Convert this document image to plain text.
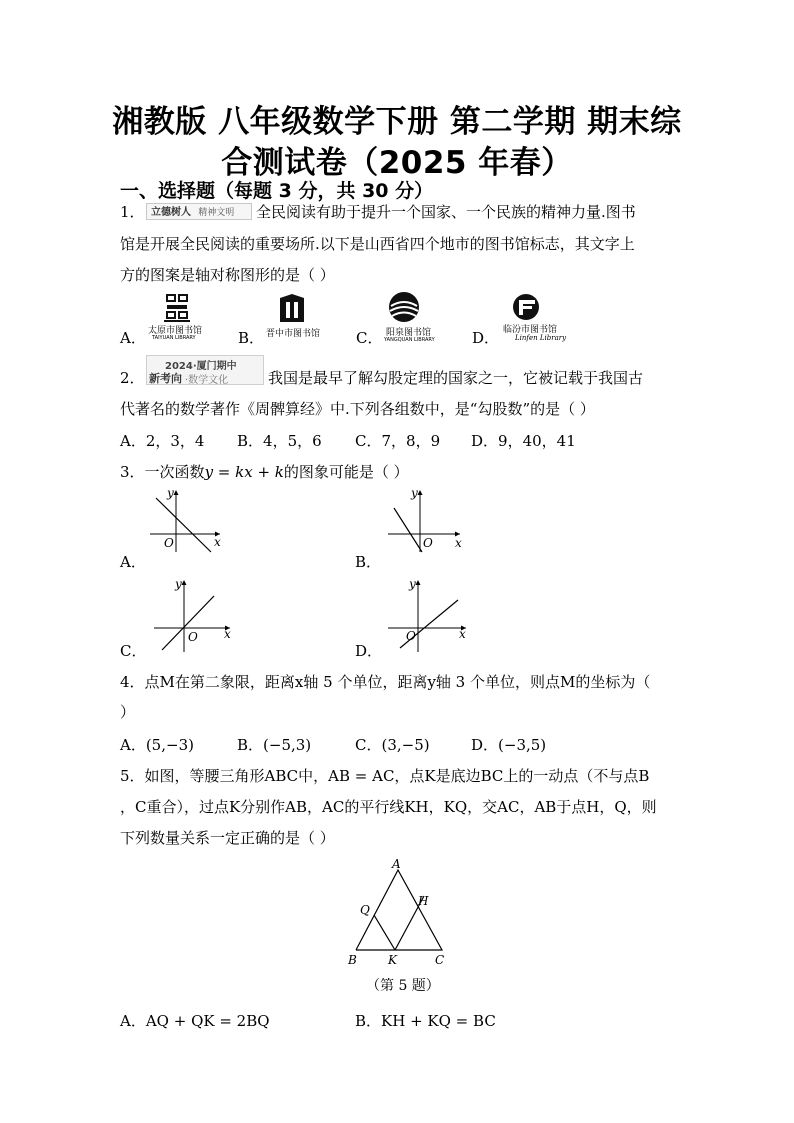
湘教版 八年级数学下册 第二学期 期末综
合测试卷（2025 年春）
一、选择题（每题 3 分，共 30 分）
1． 立德树人 精神文明	全民阅读有助于提升一个国家、一个民族的精神力量.图书
馆是开展全民阅读的重要场所.以下是山西省四个地市的图书馆标志，其文字上
方的图案是轴对称图形的是（ ）
A． 太原市图书馆
TAIYUAN LIBRARY	B． 晋中市图书馆 C． 阳泉图书馆
YANGQUAN LIBRARY D． 临汾市图书馆
Linfen Library
2．
2024·厦门期中
新考向 ·数学文化	我国是最早了解勾股定理的国家之一，它被记载于我国古
代著名的数学著作《周髀算经》中.下列各组数中，是“勾股数”的是（ ）
A．2，3，4 B．4，5，6 C．7，8，9 D．9，40，41
3．一次函数y = kx + k的图象可能是（ ）
A．
y
x
O
B．
y
x
O
C．
y
x
O
D．
y
x
O
4．点M在第二象限，距离x轴 5 个单位，距离y轴 3 个单位，则点M的坐标为（
）
A．(5,−3)	B．(−5,3)	C．(3,−5)	D．(−3,5)
5．如图，等腰三角形ABC中，AB = AC，点K是底边BC上的一动点（不与点B
，C重合），过点K分别作AB，AC的平行线KH，KQ，交AC，AB于点H，Q，则
下列数量关系一定正确的是（ ）
A
B	C
H
Q
K
（第 5 题）
A．AQ + QK = 2BQ	B．KH + KQ = BC
